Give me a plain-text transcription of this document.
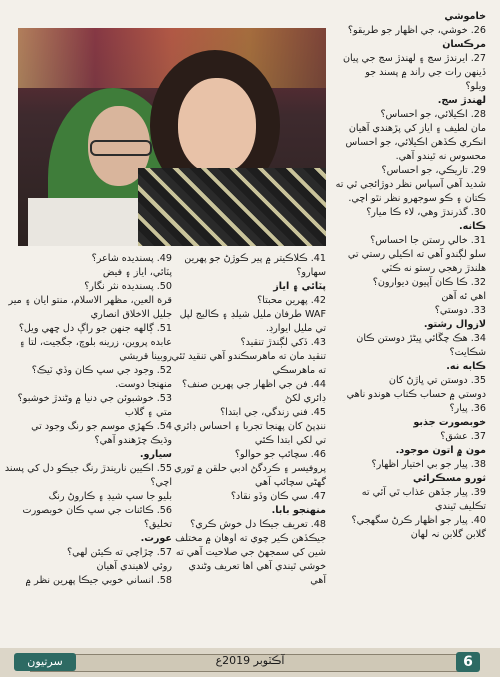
خاموشي
26. خوشي، جي اظهار جو طريقو؟
مرڪسان
27. ايرندڙ سج ۽ لهندڙ سج جي پيان
ڏينهن رات جي راند ۾ پسند جو
ويلو؟
لهندڙ سج.
28. اڪيلائي، جو احساس؟
مان لطيف ۽ اياز کي پڙهندي آهيان
انڪري ڪڏهن اڪيلائي، جو احساس
محسوس نه ٿيندو آهي.
29. تاريڪي، جو احساس؟
شديد آهي آسپاس نظر دوڙائجي ٿي ته
ڪتان ۽ ڪو سوجهرو نظر نٿو اچي.
30. گذرندڙ وهي، لاء ڪا ميار؟
ڪانه.
31. خالي رستن جا احساس؟
سلو لڳندو آهي ته اڪيلي رستي تي
هلندڙ رهجي رستو نه ڪٽي
32. ڪا ڪان آپيون ديوارون؟
اهي ئه آهن
33. دوستي؟
لازوال رشتو.
34. هڪ چڱائي ڀيڻڙ دوستن ڪان
شڪايت؟
ڪابه نه.
35. دوستن تي ڀاڙڻ کان
دوستي ۾ حساب ڪتاب هوندو ناهي
36. پيار؟
خوبصورت جذبو
37. عشق؟
مون ۾ اتون موجود.
38. پيار جو بي اختيار اظهار؟
ثورو مسڪرائي
39. پيار جڏهن عذاب ٿي آئي ته
تڪليف ٿيندي
40. پيار جو اظهار ڪرڻ سگهجي؟
گلابن گلابن نہ لهان
41. ڪلاڪيتر ۾ پير ڪوڙڻ جو پهرين
سهارو؟
پٽائي ۽ اياز
42. پهرين محبتا؟
WAF طرفان مليل شيلڊ ۽ ڪاليج لپل
تي مليل ايوارڊ.
43. ڏکي لڳندڙ تنقيد؟
تنقيد مان ته ماهرسڪندو آهي تنقيد ٿئي
ته ماهرسڪي
44. فن جي اظهار جي پهرين صنف؟
ڊائري لکڻ
45. فني زندگي، جي ابتدا؟
ننڍپڻ کان پهنجا تجربا ۽ احساس ڊائري
تي لکي ابتدا ڪئي
46. سچائپ جو حوالو؟
پروفيسر ۽ ڪردگڻ ادبي حلقن ۾ ٿوري
گهڻي سچائپ آهي
47. سي ڪان وڏو نقاد؟
منهنجو بابا.
48. تعريف جيڪا دل خوش ڪري؟
جيڪڏهن ڪير چوي ته اوهان ۾ مختلف
شين کي سمجهڻ جي صلاحيت آهي ته
خوشي ٿيندي آهي اها تعريف وڻندي
آهي
49. پسنديده شاعر؟
پٽائي، اياز ۽ فيض
50. پسنديده نثر نگار؟
قرة العين، مظهر الاسلام، منتو ايان ۽ مير
جليل الاخلاق انصاري
51. ڳالهه جنهن جو راڳ دل ڇهي ويل؟
عابده پروين، زرينه بلوچ، جگجيت، لتا ۽
روبينا قريشي
52. وجود جي سڀ ڪان وڏي ٽيڪ؟
منهنجا دوست.
53. خوشبوئن جي دنيا ۾ وڻندڙ خوشبو؟
متي ۽ گلاب
54. ڪهڙي موسم جو رنگ وجود تي
وڌيڪ چڙهندو آهي؟
سيارو.
55. اڪيين ناريندڙ رنگ جيڪو دل کي پسند
اچي؟
بليو جا سڀ شيڊ ۽ ڪاروڻ رنگ
56. ڪائنات جي سڀ ڪان خوبصورت
تخليق؟
عورت.
57. چڙاچي ته ڪيئن لهي؟
روئي لاهيندي آهيان
58. انساني خوبي جيڪا پهرين نظر ۾
سرتيون	آڪٽوبر 2019ع	6
